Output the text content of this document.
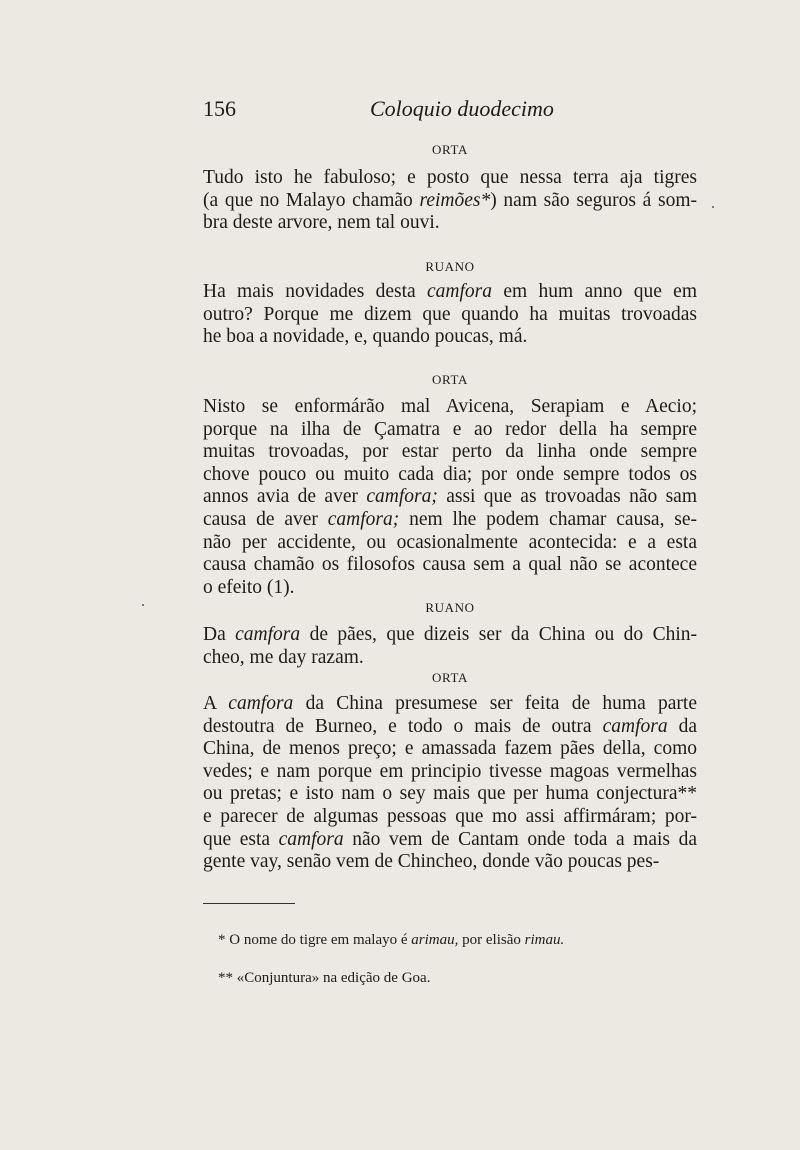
156	Coloquio duodecimo
ORTA
Tudo isto he fabuloso; e posto que nessa terra aja tigres
(a que no Malayo chamão reimões*) nam são seguros á som-
bra deste arvore, nem tal ouvi.
RUANO
Ha mais novidades desta camfora em hum anno que em
outro? Porque me dizem que quando ha muitas trovoadas
he boa a novidade, e, quando poucas, má.
ORTA
Nisto se enformárão mal Avicena, Serapiam e Aecio;
porque na ilha de Çamatra e ao redor della ha sempre
muitas trovoadas, por estar perto da linha onde sempre
chove pouco ou muito cada dia; por onde sempre todos os
annos avia de aver camfora; assi que as trovoadas não sam
causa de aver camfora; nem lhe podem chamar causa, se-
não per accidente, ou ocasionalmente acontecida: e a esta
causa chamão os filosofos causa sem a qual não se acontece
o efeito (1).
RUANO
Da camfora de pães, que dizeis ser da China ou do Chin-
cheo, me day razam.
ORTA
A camfora da China presumese ser feita de huma parte
destoutra de Burneo, e todo o mais de outra camfora da
China, de menos preço; e amassada fazem pães della, como
vedes; e nam porque em principio tivesse magoas vermelhas
ou pretas; e isto nam o sey mais que per huma conjectura**
e parecer de algumas pessoas que mo assi affirmáram; por-
que esta camfora não vem de Cantam onde toda a mais da
gente vay, senão vem de Chincheo, donde vão poucas pes-
* O nome do tigre em malayo é arimau, por elisão rimau.
** «Conjuntura» na edição de Goa.
